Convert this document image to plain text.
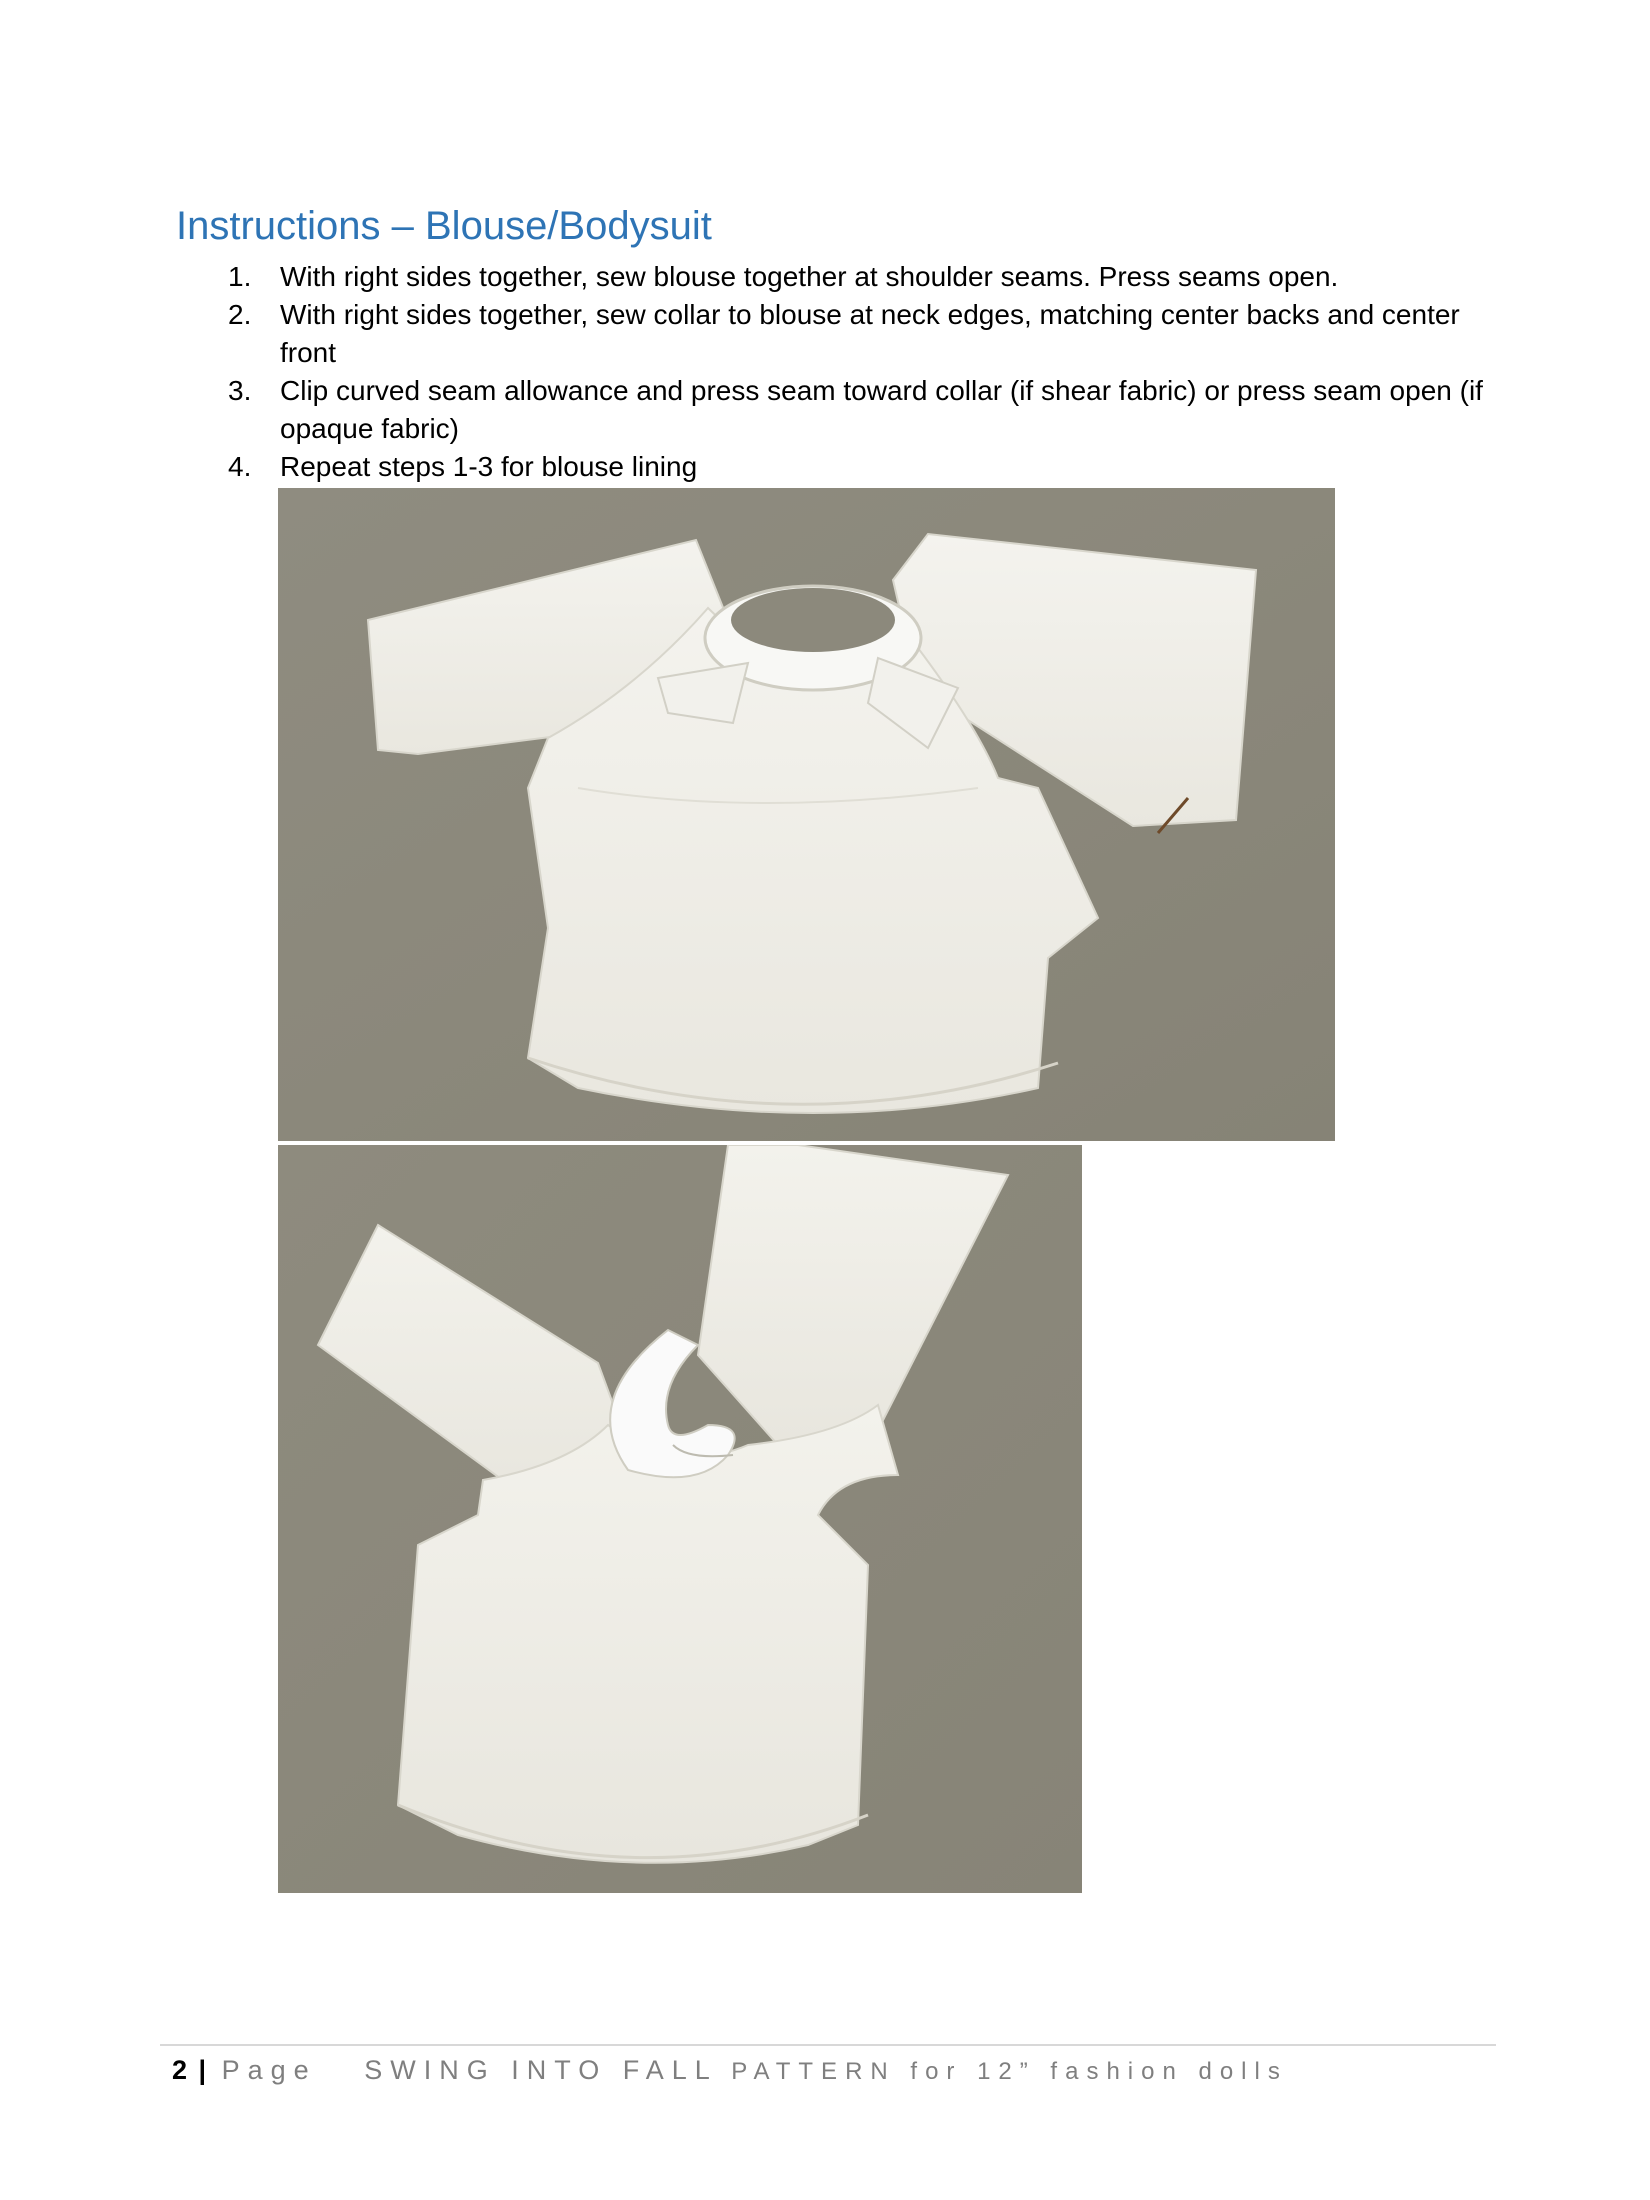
Instructions – Blouse/Bodysuit
1. With right sides together, sew blouse together at shoulder seams. Press seams open.
2. With right sides together, sew collar to blouse at neck edges, matching center backs and center front
3. Clip curved seam allowance and press seam toward collar (if shear fabric) or press seam open (if opaque fabric)
4. Repeat steps 1-3 for blouse lining
2 | Page SWING INTO FALL PATTERN for 12” fashion dolls
